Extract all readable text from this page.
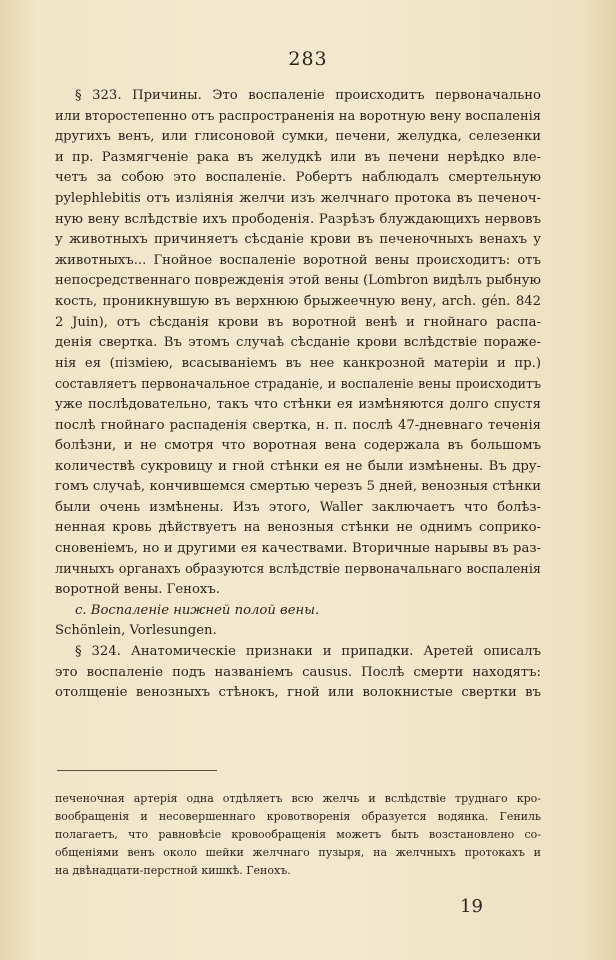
283
§ 323. Причины. Это воспаленіе происходитъ первоначально
или второстепенно отъ распространенія на воротную вену воспаленія
другихъ венъ, или глисоновой сумки, печени, желудка, селезенки
и пр. Размягченіе рака въ желудкѣ или въ печени нерѣдко вле-
четъ за собою это воспаленіе. Робертъ наблюдалъ смертельную
pylephlebitis отъ изліянія желчи изъ желчнаго протока въ печеноч-
ную вену вслѣдствіе ихъ прободенія. Разрѣзъ блуждающихъ нервовъ
у животныхъ причиняетъ сѣсданіе крови въ печеночныхъ венахъ у
животныхъ... Гнойное воспаленіе воротной вены происходитъ: отъ
непосредственнаго поврежденія этой вены (Lombron видѣлъ рыбную
кость, проникнувшую въ верхнюю брыжеечную вену, arch. gén. 842
2 Juin), отъ сѣсданія крови въ воротной венѣ и гнойнаго распа-
денія свертка. Въ этомъ случаѣ сѣсданіе крови вслѣдствіе пораже-
нія ея (пізміею, всасываніемъ въ нее канкрозной матеріи и пр.)
составляетъ первоначальное страданіе, и воспаленіе вены происходитъ
уже послѣдовательно, такъ что стѣнки ея измѣняются долго спустя
послѣ гнойнаго распаденія свертка, н. п. послѣ 47-дневнаго теченія
болѣзни, и не смотря что воротная вена содержала въ большомъ
количествѣ сукровицу и гной стѣнки ея не были измѣнены. Въ дру-
гомъ случаѣ, кончившемся смертью черезъ 5 дней, венозныя стѣнки
были очень измѣнены. Изъ этого, Waller заключаетъ что болѣз-
ненная кровь дѣйствуетъ на венозныя стѣнки не однимъ соприко-
сновеніемъ, но и другими ея качествами. Вторичные нарывы въ раз-
личныхъ органахъ образуются вслѣдствіе первоначальнаго воспаленія
воротной вены. Генохъ.
c. Воспаленіе нижней полой вены.
Schönlein, Vorlesungen.
§ 324. Анатомическіе признаки и припадки. Аретей описалъ
это воспаленіе подъ названіемъ causus. Послѣ смерти находятъ:
отолщеніе венозныхъ стѣнокъ, гной или волокнистые свертки въ
печеночная артерія одна отдѣляетъ всю желчь и вслѣдствіе труднаго кро-
вообращенія и несовершеннаго кровотворенія образуется водянка. Гениль
полагаетъ, что равновѣсіе кровообращенія можетъ быть возстановлено со-
общеніями венъ около шейки желчнаго пузыря, на желчныхъ протокахъ и
на двѣнадцати-перстной кишкѣ. Генохъ.
19
